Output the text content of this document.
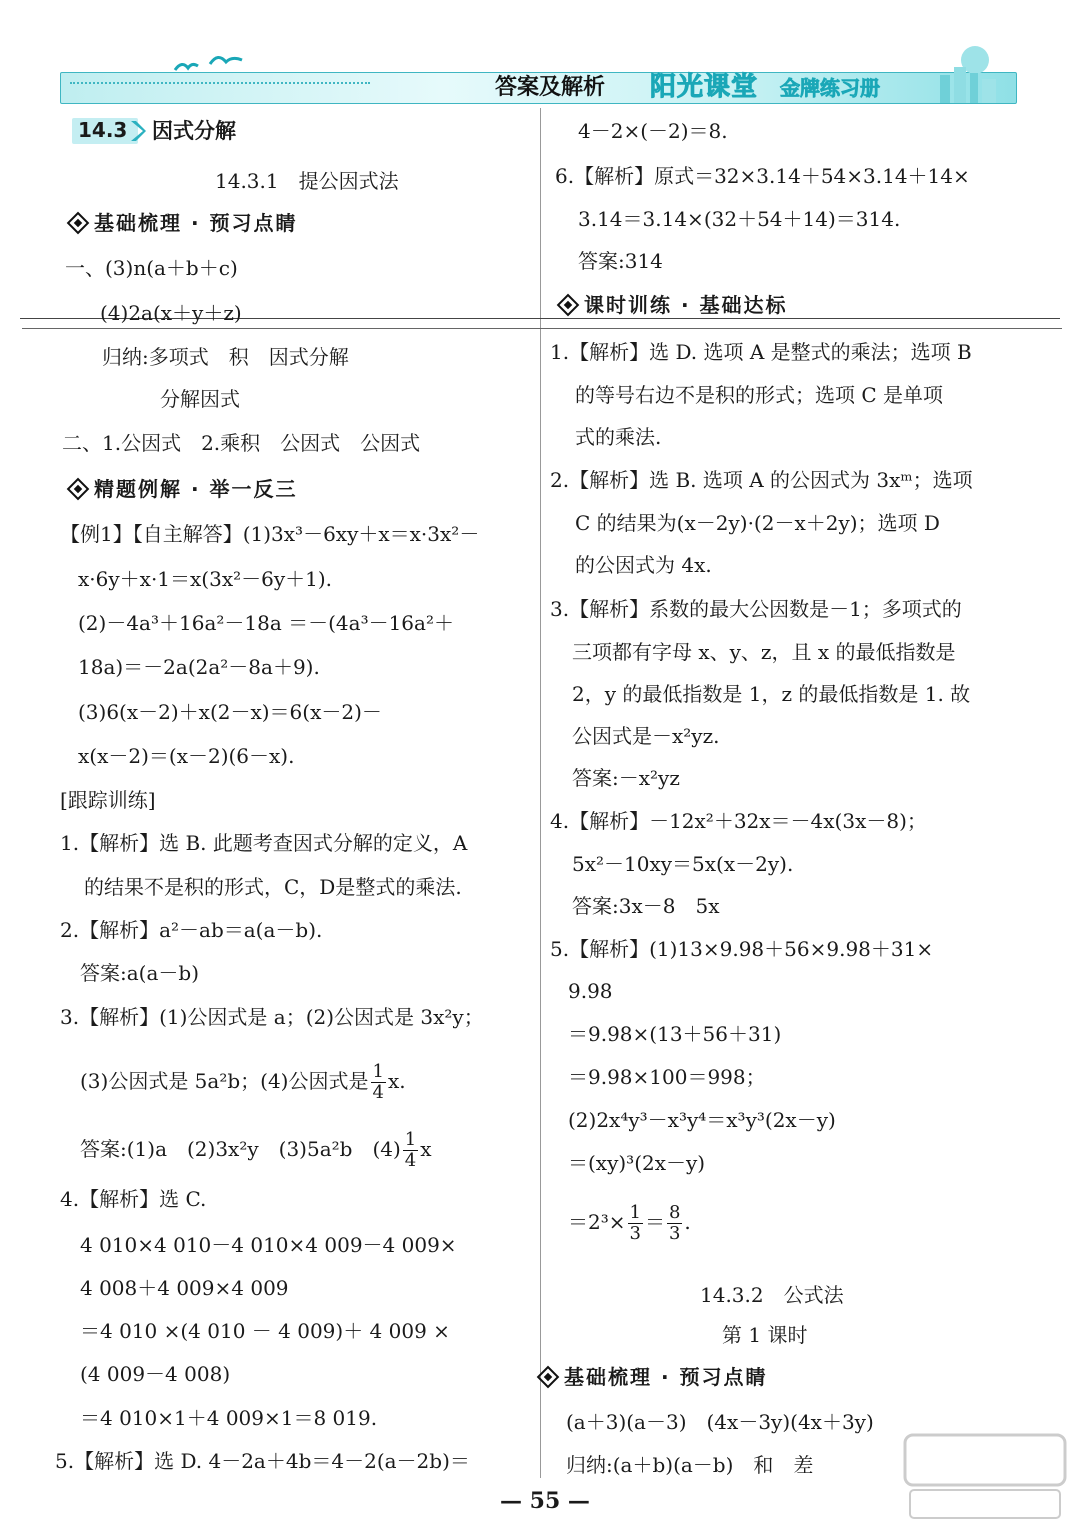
答案及解析 阳光课堂 金牌练习册
14.3 因式分解
14.3.1　提公因式法
基础梳理 · 预习点睛
一、(3)n(a＋b＋c)
(4)2a(x＋y＋z)
归纳:多项式　积　因式分解
分解因式
二、1.公因式　2.乘积　公因式　公因式
精题例解 · 举一反三
【例1】【自主解答】(1)3x³－6xy＋x＝x·3x²－
x·6y＋x·1＝x(3x²－6y＋1).
(2)－4a³＋16a²－18a ＝－(4a³－16a²＋
18a)＝－2a(2a²－8a＋9).
(3)6(x－2)＋x(2－x)＝6(x－2)－
x(x－2)＝(x－2)(6－x).
[跟踪训练]
1.【解析】选 B. 此题考查因式分解的定义，A
的结果不是积的形式，C，D是整式的乘法.
2.【解析】a²－ab＝a(a－b).
答案:a(a－b)
3.【解析】(1)公因式是 a；(2)公因式是 3x²y；
(3)公因式是 5a²b；(4)公因式是 $\frac{1}{4} x$.
答案:(1)a　(2)3x²y　(3)5a²b　$(4) \frac{1}{4}$ x
4.【解析】选 C.
4 010×4 010－4 010×4 009－4 009×
4 008＋4 009×4 009
＝4 010 ×(4 010 － 4 009)＋ 4 009 ×
(4 009－4 008)
＝4 010×1＋4 009×1＝8 019.
5.【解析】选 D. 4－2a＋4b＝4－2(a－2b)＝
4－2×(－2)＝8.
6.【解析】原式＝32×3.14＋54×3.14＋14×
3.14＝3.14×(32＋54＋14)＝314.
答案:314
课时训练 · 基础达标
1.【解析】选 D. 选项 A 是整式的乘法；选项 B
的等号右边不是积的形式；选项 C 是单项
式的乘法.
2.【解析】选 B. 选项 A 的公因式为 3xᵐ；选项
C 的结果为(x－2y)·(2－x＋2y)；选项 D
的公因式为 4x.
3.【解析】系数的最大公因数是－1；多项式的
三项都有字母 x、y、z，且 x 的最低指数是
2，y 的最低指数是 1，z 的最低指数是 1. 故
公因式是－x²yz.
答案:－x²yz
4.【解析】－12x²＋32x＝－4x(3x－8)；
5x²－10xy＝5x(x－2y).
答案:3x－8　5x
5.【解析】(1)13×9.98＋56×9.98＋31×
9.98
＝9.98×(13＋56＋31)
＝9.98×100＝998；
(2)2x⁴y³－x³y⁴＝x³y³(2x－y)
＝(xy)³(2x－y)
$=2^3\times \frac{1}{3} = \frac{8}{3}$ .
14.3.2　公式法
第 1 课时
基础梳理 · 预习点睛
(a＋3)(a－3)　(4x－3y)(4x＋3y)
归纳:(a＋b)(a－b)　和　差
— 55 —
